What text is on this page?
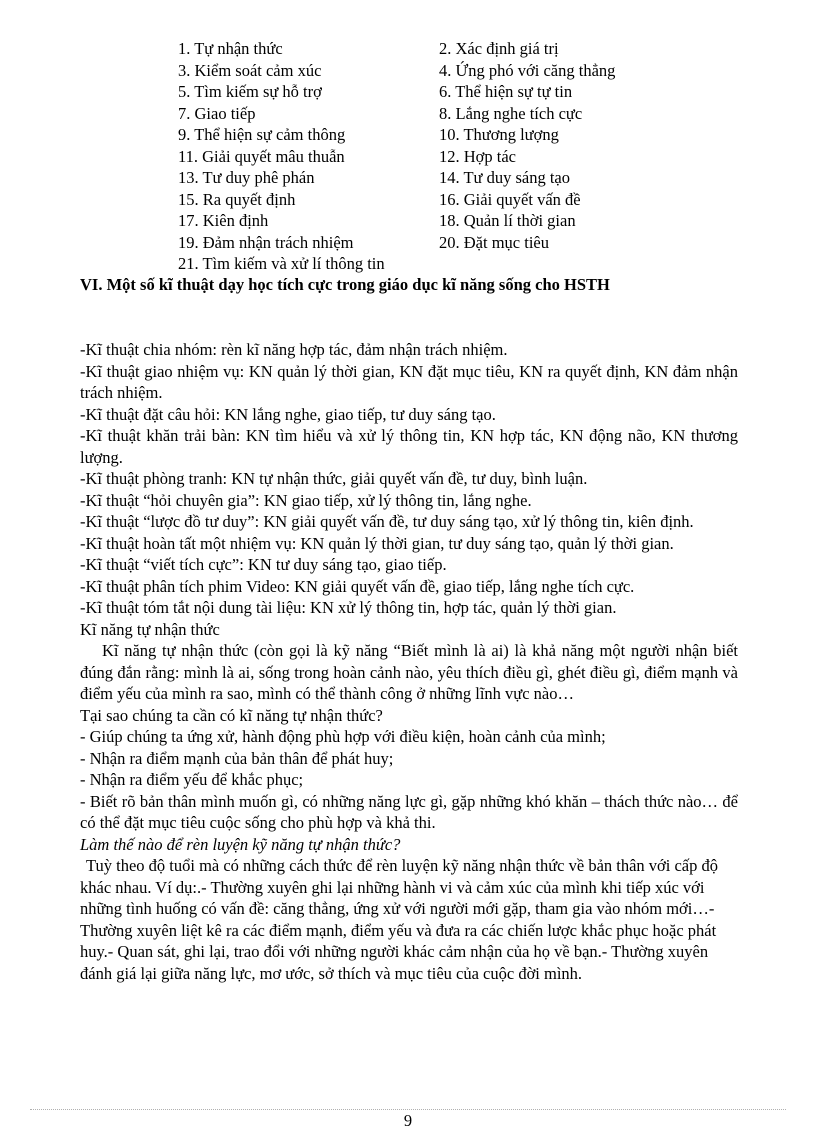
1. Tự nhận thức	2. Xác định giá trị
3. Kiểm soát cảm xúc	4. Ứng phó với căng thẳng
5. Tìm kiếm sự hỗ trợ	6. Thể hiện sự tự tin
7. Giao tiếp	8. Lắng nghe tích cực
9. Thể hiện sự cảm thông	10. Thương lượng
11. Giải quyết mâu thuẫn	12. Hợp tác
13. Tư duy phê phán	14. Tư duy sáng tạo
15. Ra quyết định	16. Giải quyết vấn đề
17. Kiên định	18. Quản lí thời gian
19. Đảm nhận trách nhiệm	20. Đặt mục tiêu
21. Tìm kiếm và xử lí thông tin
VI. Một số kĩ thuật dạy học tích cực trong giáo dục kĩ năng sống cho HSTH

-Kĩ thuật chia nhóm: rèn kĩ năng hợp tác, đảm nhận trách nhiệm.

-Kĩ thuật giao nhiệm vụ: KN quản lý thời gian, KN đặt mục tiêu, KN ra quyết định, KN đảm nhận trách nhiệm.

-Kĩ thuật đặt câu hỏi: KN lắng nghe, giao tiếp, tư duy sáng tạo.

-Kĩ thuật khăn trải bàn: KN tìm hiểu và xử lý thông tin, KN hợp tác, KN động não, KN thương lượng.

-Kĩ thuật phòng tranh: KN tự nhận thức, giải quyết vấn đề, tư duy, bình luận.

-Kĩ thuật “hỏi chuyên gia”: KN giao tiếp, xử lý thông tin, lắng nghe.

-Kĩ thuật “lược đồ tư duy”: KN giải quyết vấn đề, tư duy sáng tạo, xử lý thông tin, kiên định.

-Kĩ thuật hoàn tất một nhiệm vụ: KN quản lý thời gian, tư duy sáng tạo, quản lý thời gian.

-Kĩ thuật “viết tích cực”: KN tư duy sáng tạo, giao tiếp.

-Kĩ thuật phân tích phim Video: KN giải quyết vấn đề, giao tiếp, lắng nghe tích cực.

-Kĩ thuật tóm tắt nội dung tài liệu: KN xử lý thông tin, hợp tác, quản lý thời gian.

Kĩ năng tự nhận thức

Kĩ năng tự nhận thức (còn gọi là kỹ năng “Biết mình là ai) là khả năng một người nhận biết đúng đắn rằng: mình là ai, sống trong hoàn cảnh nào, yêu thích điều gì, ghét điều gì, điểm mạnh và điểm yếu của mình ra sao, mình có thể thành công ở những lĩnh vực nào…

Tại sao chúng ta cần có kĩ năng tự nhận thức?

- Giúp chúng ta ứng xử, hành động phù hợp với điều kiện, hoàn cảnh của mình;

- Nhận ra điểm mạnh của bản thân để phát huy;

- Nhận ra điểm yếu để khắc phục;

- Biết rõ bản thân mình muốn gì, có những năng lực gì, gặp những khó khăn – thách thức nào… để có thể đặt mục tiêu cuộc sống cho phù hợp và khả thi.

Làm thế nào để rèn luyện kỹ năng tự nhận thức?

Tuỳ theo độ tuổi mà có những cách thức để rèn luyện kỹ năng nhận thức về bản thân với cấp độ khác nhau. Ví dụ:.- Thường xuyên ghi lại những hành vi và cảm xúc của mình khi tiếp xúc với những tình huống có vấn đề: căng thẳng, ứng xử với người mới gặp, tham gia vào nhóm mới…- Thường xuyên liệt kê ra các điểm mạnh, điểm yếu và đưa ra các chiến lược khắc phục hoặc phát huy.- Quan sát, ghi lại, trao đổi với những người khác cảm nhận của họ về bạn.- Thường xuyên đánh giá lại giữa năng lực, mơ ước, sở thích và mục tiêu của cuộc đời mình.

9
